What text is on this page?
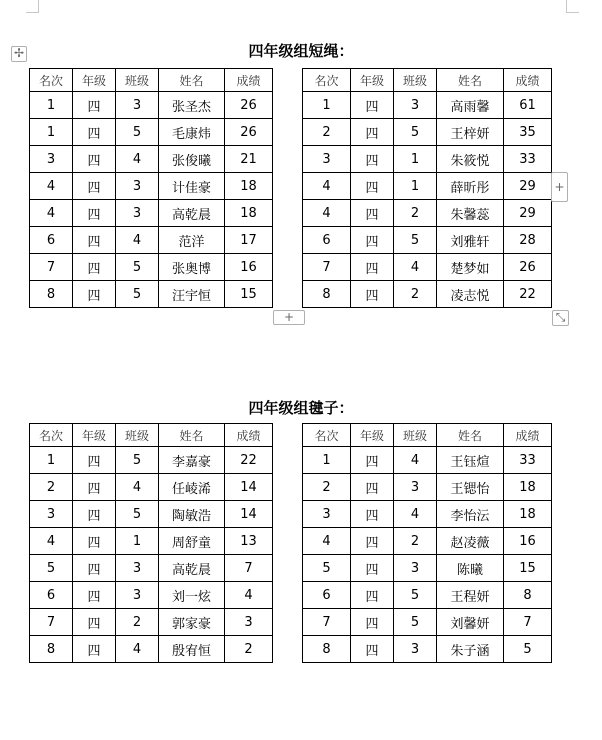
四年级组短绳：
✢
名次	年级	班级	姓名	成绩		名次	年级	班级	姓名	成绩
1	四	3	张圣杰	26		1	四	3	高雨馨	61
1	四	5	毛康炜	26		2	四	5	王梓妍	35
3	四	4	张俊曦	21		3	四	1	朱筱悦	33
4	四	3	计佳豪	18		4	四	1	薛昕彤	29
4	四	3	高乾晨	18		4	四	2	朱馨蕊	29
6	四	4	范洋	17		6	四	5	刘雅轩	28
7	四	5	张奥博	16		7	四	4	楚梦如	26
8	四	5	汪宇恒	15		8	四	2	凌志悦	22
+
+	⤡
四年级组毽子：
名次	年级	班级	姓名	成绩		名次	年级	班级	姓名	成绩
1	四	5	李嘉豪	22		1	四	4	王钰煊	33
2	四	4	任崚浠	14		2	四	3	王锶怡	18
3	四	5	陶敏浩	14		3	四	4	李怡沄	18
4	四	1	周舒童	13		4	四	2	赵凌薇	16
5	四	3	高乾晨	7		5	四	3	陈曦	15
6	四	3	刘一炫	4		6	四	5	王程妍	8
7	四	2	郭家豪	3		7	四	5	刘馨妍	7
8	四	4	殷宥恒	2		8	四	3	朱子涵	5
